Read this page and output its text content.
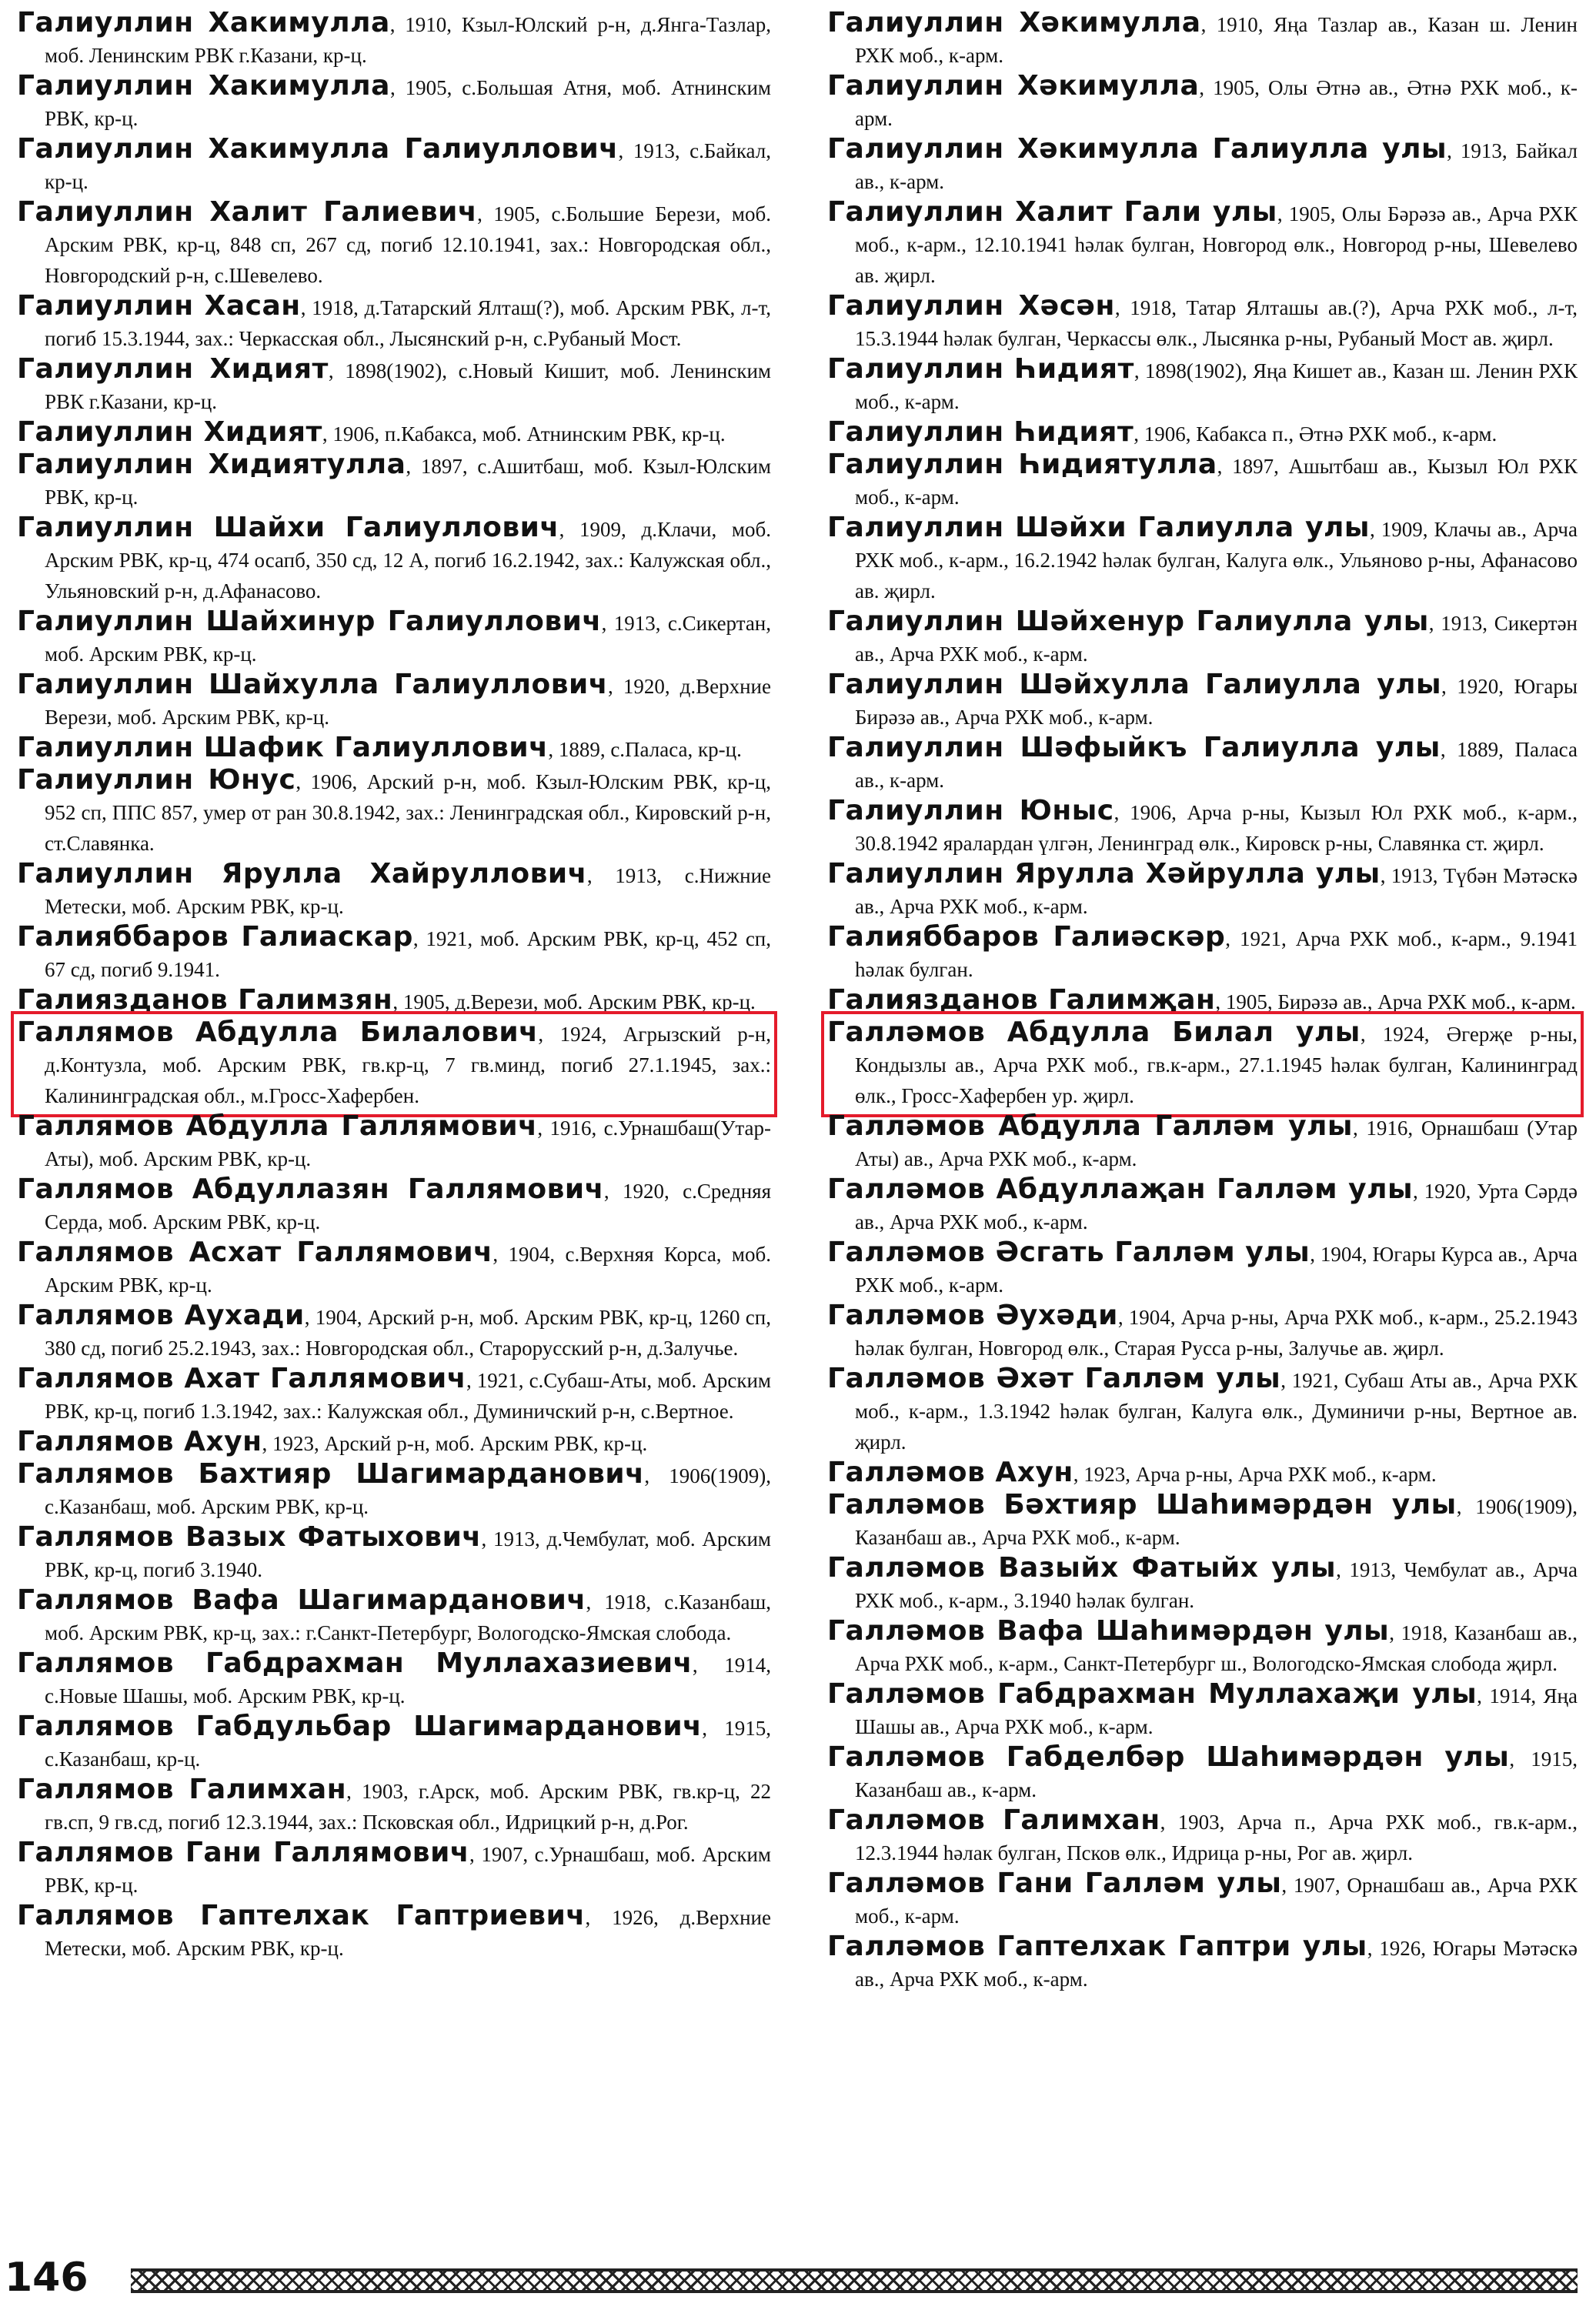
Галиуллин Хакимулла, 1910, Кзыл-Юлский р-н, д.Янга-Тазлар, моб. Ленинским РВК г.Казани, кр-ц.

Галиуллин Хакимулла, 1905, с.Большая Атня, моб. Атнинским РВК, кр-ц.

Галиуллин Хакимулла Галиуллович, 1913, с.Байкал, кр-ц.

Галиуллин Халит Галиевич, 1905, с.Большие Берези, моб. Арским РВК, кр-ц, 848 сп, 267 сд, погиб 12.10.1941, зах.: Новгородская обл., Новгородский р-н, с.Шевелево.

Галиуллин Хасан, 1918, д.Татарский Ялташ(?), моб. Арским РВК, л-т, погиб 15.3.1944, зах.: Черкасская обл., Лысянский р-н, с.Рубаный Мост.

Галиуллин Хидият, 1898(1902), с.Новый Кишит, моб. Ленинским РВК г.Казани, кр-ц.

Галиуллин Хидият, 1906, п.Кабакса, моб. Атнинским РВК, кр-ц.

Галиуллин Хидиятулла, 1897, с.Ашитбаш, моб. Кзыл-Юлским РВК, кр-ц.

Галиуллин Шайхи Галиуллович, 1909, д.Клачи, моб. Арским РВК, кр-ц, 474 осапб, 350 сд, 12 А, погиб 16.2.1942, зах.: Калужская обл., Ульяновский р-н, д.Афанасово.

Галиуллин Шайхинур Галиуллович, 1913, с.Сикертан, моб. Арским РВК, кр-ц.

Галиуллин Шайхулла Галиуллович, 1920, д.Верхние Верези, моб. Арским РВК, кр-ц.

Галиуллин Шафик Галиуллович, 1889, с.Паласа, кр-ц.

Галиуллин Юнус, 1906, Арский р-н, моб. Кзыл-Юлским РВК, кр-ц, 952 сп, ППС 857, умер от ран 30.8.1942, зах.: Ленинградская обл., Кировский р-н, ст.Славянка.

Галиуллин Ярулла Хайруллович, 1913, с.Нижние Метески, моб. Арским РВК, кр-ц.

Галияббаров Галиаскар, 1921, моб. Арским РВК, кр-ц, 452 сп, 67 сд, погиб 9.1941.

Галиязданов Галимзян, 1905, д.Верези, моб. Арским РВК, кр-ц.

Галлямов Абдулла Билалович, 1924, Агрызский р-н, д.Контузла, моб. Арским РВК, гв.кр-ц, 7 гв.минд, погиб 27.1.1945, зах.: Калининградская обл., м.Гросс-Хафербен.

Галлямов Абдулла Галлямович, 1916, с.Урнашбаш(Утар-Аты), моб. Арским РВК, кр-ц.

Галлямов Абдуллазян Галлямович, 1920, с.Средняя Серда, моб. Арским РВК, кр-ц.

Галлямов Асхат Галлямович, 1904, с.Верхняя Корса, моб. Арским РВК, кр-ц.

Галлямов Аухади, 1904, Арский р-н, моб. Арским РВК, кр-ц, 1260 сп, 380 сд, погиб 25.2.1943, зах.: Новгородская обл., Старорусский р-н, д.Залучье.

Галлямов Ахат Галлямович, 1921, с.Субаш-Аты, моб. Арским РВК, кр-ц, погиб 1.3.1942, зах.: Калужская обл., Думиничский р-н, с.Вертное.

Галлямов Ахун, 1923, Арский р-н, моб. Арским РВК, кр-ц.

Галлямов Бахтияр Шагимарданович, 1906(1909), с.Казанбаш, моб. Арским РВК, кр-ц.

Галлямов Вазых Фатыхович, 1913, д.Чембулат, моб. Арским РВК, кр-ц, погиб 3.1940.

Галлямов Вафа Шагимарданович, 1918, с.Казанбаш, моб. Арским РВК, кр-ц, зах.: г.Санкт-Петербург, Вологодско-Ямская слобода.

Галлямов Габдрахман Муллахазиевич, 1914, с.Новые Шашы, моб. Арским РВК, кр-ц.

Галлямов Габдульбар Шагимарданович, 1915, с.Казанбаш, кр-ц.

Галлямов Галимхан, 1903, г.Арск, моб. Арским РВК, гв.кр-ц, 22 гв.сп, 9 гв.сд, погиб 12.3.1944, зах.: Псковская обл., Идрицкий р-н, д.Рог.

Галлямов Гани Галлямович, 1907, с.Урнашбаш, моб. Арским РВК, кр-ц.

Галлямов Гаптелхак Гаптриевич, 1926, д.Верхние Метески, моб. Арским РВК, кр-ц.

Галиуллин Хәкимулла, 1910, Яңа Тазлар ав., Казан ш. Ленин РХК моб., к-арм.

Галиуллин Хәкимулла, 1905, Олы Әтнә ав., Әтнә РХК моб., к-арм.

Галиуллин Хәкимулла Галиулла улы, 1913, Байкал ав., к-арм.

Галиуллин Халит Гали улы, 1905, Олы Бәрәзә ав., Арча РХК моб., к-арм., 12.10.1941 һәлак булган, Новгород өлк., Новгород р-ны, Шевелево ав. җирл.

Галиуллин Хәсән, 1918, Татар Ялташы ав.(?), Арча РХК моб., л-т, 15.3.1944 һәлак булган, Черкассы өлк., Лысянка р-ны, Рубаный Мост ав. җирл.

Галиуллин Һидият, 1898(1902), Яңа Кишет ав., Казан ш. Ленин РХК моб., к-арм.

Галиуллин Һидият, 1906, Кабакса п., Әтнә РХК моб., к-арм.

Галиуллин Һидиятулла, 1897, Ашытбаш ав., Кызыл Юл РХК моб., к-арм.

Галиуллин Шәйхи Галиулла улы, 1909, Клачы ав., Арча РХК моб., к-арм., 16.2.1942 һәлак булган, Калуга өлк., Ульяново р-ны, Афанасово ав. җирл.

Галиуллин Шәйхенур Галиулла улы, 1913, Сикертән ав., Арча РХК моб., к-арм.

Галиуллин Шәйхулла Галиулла улы, 1920, Югары Бирәзә ав., Арча РХК моб., к-арм.

Галиуллин Шәфыйкъ Галиулла улы, 1889, Паласа ав., к-арм.

Галиуллин Юныс, 1906, Арча р-ны, Кызыл Юл РХК моб., к-арм., 30.8.1942 яралардан үлгән, Ленинград өлк., Кировск р-ны, Славянка ст. җирл.

Галиуллин Ярулла Хәйрулла улы, 1913, Түбән Мәтәскә ав., Арча РХК моб., к-арм.

Галияббаров Галиәскәр, 1921, Арча РХК моб., к-арм., 9.1941 һәлак булган.

Галиязданов Галимҗан, 1905, Бирәзә ав., Арча РХК моб., к-арм.

Галләмов Абдулла Билал улы, 1924, Әгерҗе р-ны, Кондызлы ав., Арча РХК моб., гв.к-арм., 27.1.1945 һәлак булган, Калининград өлк., Гросс-Хафербен ур. җирл.

Галләмов Абдулла Галләм улы, 1916, Орнашбаш (Утар Аты) ав., Арча РХК моб., к-арм.

Галләмов Абдуллаҗан Галләм улы, 1920, Урта Сәрдә ав., Арча РХК моб., к-арм.

Галләмов Әсгать Галләм улы, 1904, Югары Курса ав., Арча РХК моб., к-арм.

Галләмов Әухәди, 1904, Арча р-ны, Арча РХК моб., к-арм., 25.2.1943 һәлак булган, Новгород өлк., Старая Русса р-ны, Залучье ав. җирл.

Галләмов Әхәт Галләм улы, 1921, Субаш Аты ав., Арча РХК моб., к-арм., 1.3.1942 һәлак булган, Калуга өлк., Думиничи р-ны, Вертное ав. җирл.

Галләмов Ахун, 1923, Арча р-ны, Арча РХК моб., к-арм.

Галләмов Бәхтияр Шаһимәрдән улы, 1906(1909), Казанбаш ав., Арча РХК моб., к-арм.

Галләмов Вазыйх Фатыйх улы, 1913, Чембулат ав., Арча РХК моб., к-арм., 3.1940 һәлак булган.

Галләмов Вафа Шаһимәрдән улы, 1918, Казанбаш ав., Арча РХК моб., к-арм., Санкт-Петербург ш., Вологодско-Ямская слобода җирл.

Галләмов Габдрахман Муллахаҗи улы, 1914, Яңа Шашы ав., Арча РХК моб., к-арм.

Галләмов Габделбәр Шаһимәрдән улы, 1915, Казанбаш ав., к-арм.

Галләмов Галимхан, 1903, Арча п., Арча РХК моб., гв.к-арм., 12.3.1944 һәлак булган, Псков өлк., Идрица р-ны, Рог ав. җирл.

Галләмов Гани Галләм улы, 1907, Орнашбаш ав., Арча РХК моб., к-арм.

Галләмов Гаптелхак Гаптри улы, 1926, Югары Мәтәскә ав., Арча РХК моб., к-арм.

146
